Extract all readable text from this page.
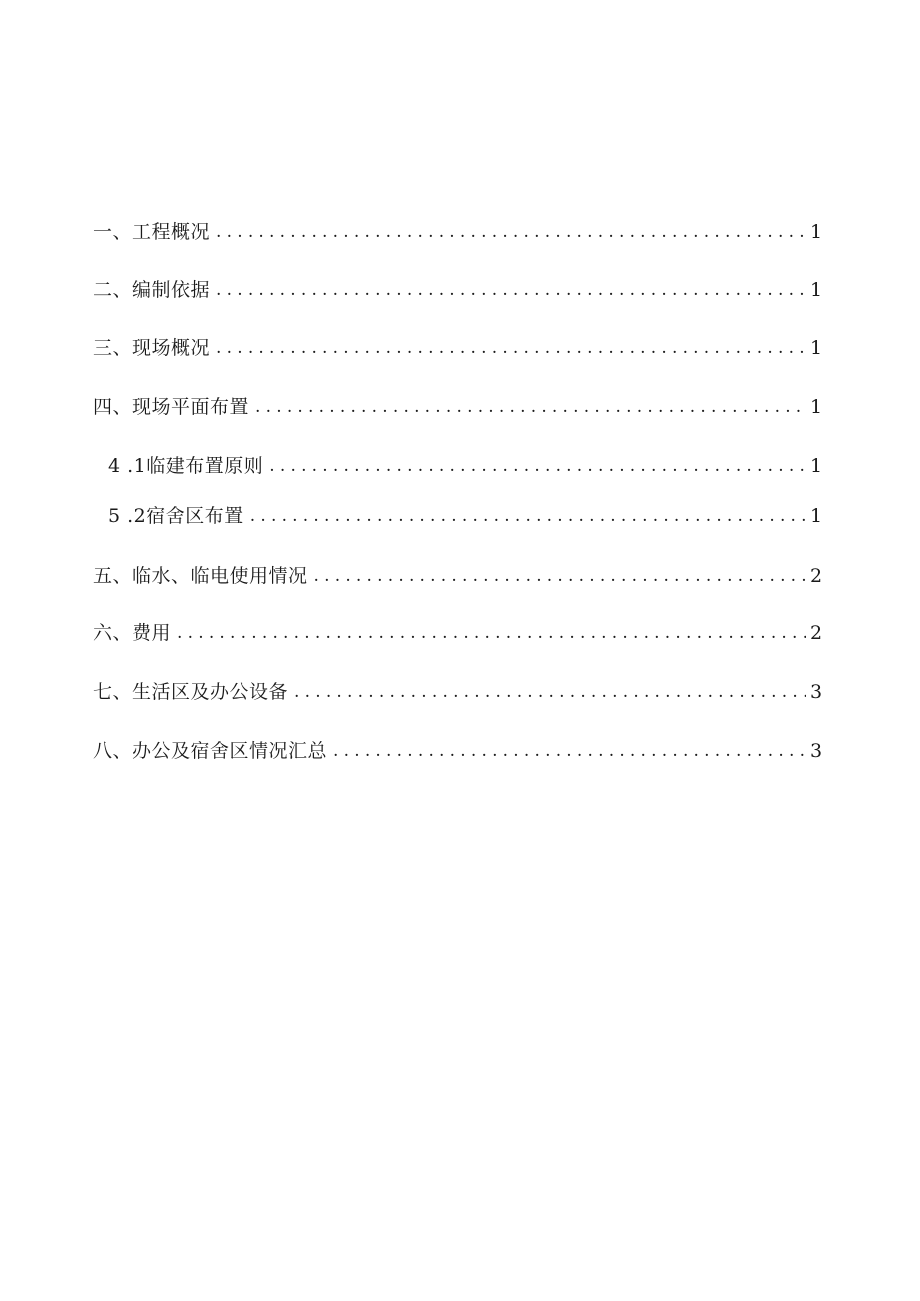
一、工程概况 .....	1
二、编制依据 .....	1
三、现场概况 .....	1
四、现场平面布置 .....	1
4 .1临建布置原则 .....	1
5 .2宿舍区布置 .....	1
五、临水、临电使用情况 .....	2
六、费用 .....	2
七、生活区及办公设备 .....	3
八、办公及宿舍区情况汇总 .....	3
